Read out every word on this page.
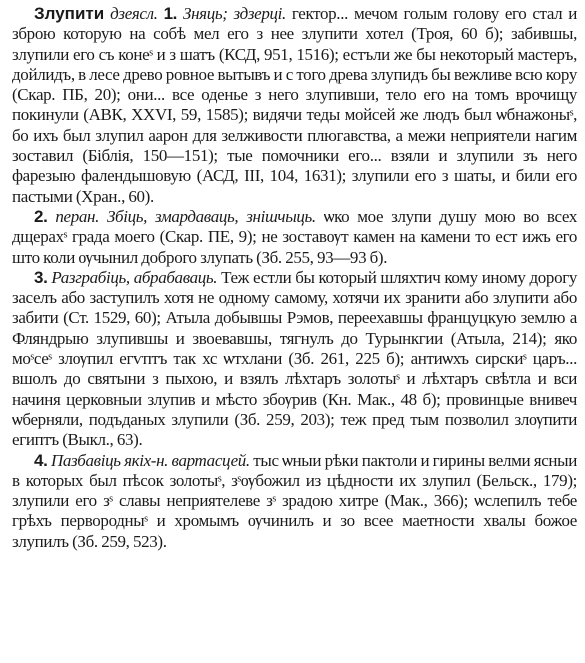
Злупити дзеясл. 1. Зняць; здзерці. гектор... мечом голым голову его стал и зброю которую на собѣ мел его з нее злупити хотел (Троя, 60 б); забившы, злупили его съ конеˢ и з шатъ (КСД, 951, 1516); естъли же бы некоторый мастеръ, дойлидъ, в лесе древо ровное вытывъ и с того древа злупидъ бы вежливе всю кору (Скар. ПБ, 20); они... все оденье з него злупивши, тело его на томъ врочищу покинули (АВК, XXVI, 59, 1585); видячи теды мойсей же людъ был ѡбнажоныˢ, бо ихъ был злупил аарон для зелживости плюгавства, а межи неприятели нагим зоставил (Біблія, 150—151); тые помочники его... взяли и злупили зъ него фарезыю фалендышовую (АСД, III, 104, 1631); злупили его з шаты, и били его пастыми (Хран., 60).

2. перан. Збіць, змардаваць, знішчыць. ѡко мое злупи душу мою во всех дщерахˢ града моего (Скар. ПЕ, 9); не зоставѹт камен на камени то ест ижъ его што коли ѹчынил доброго злупать (Зб. 255, 93—93 б).

3. Разграбіць, абрабаваць. Теж естли бы который шляхтич кому иному дорогу заселъ або заступилъ хотя не одному самому, хотячи их зранити або злупити або забити (Ст. 1529, 60); Атыла добывшы Рэмов, переехавшы француцкую землю а Фляндрыю злупившы и звоевавшы, тягнулъ до Турынкгии (Атыла, 214); яко моˢсеˢ злѹпил егѵптъ так хс ѡтхлани (Зб. 261, 225 б); антиѡхъ сирскиˢ царъ... вшолъ до святыни з пыхою, и взялъ лѣхтаръ золотыˢ и лѣхтаръ свѣтла и вси начиня церковныи злупив и мѣсто збѹрив (Кн. Мак., 48 б); провинцые внивеч ѡберняли, подъданых злупили (Зб. 259, 203); теж пред тым позволил злѹпити египтъ (Выкл., 63).

4. Пазбавіць якіх-н. вартасцей. тыс ѡныи рѣки пактоли и гирины велми ясныи в которых был пѣсок золотыˢ, зˢѹбожил из цѣдности их злупил (Бельск., 179); злупили его зˢ славы неприятелеве зˢ зрадою хитре (Мак., 366); ѡслепилъ тебе грѣхъ первородныˢ и хромымъ ѹчинилъ и зо всее маетности хвалы божое злупилъ (Зб. 259, 523).
